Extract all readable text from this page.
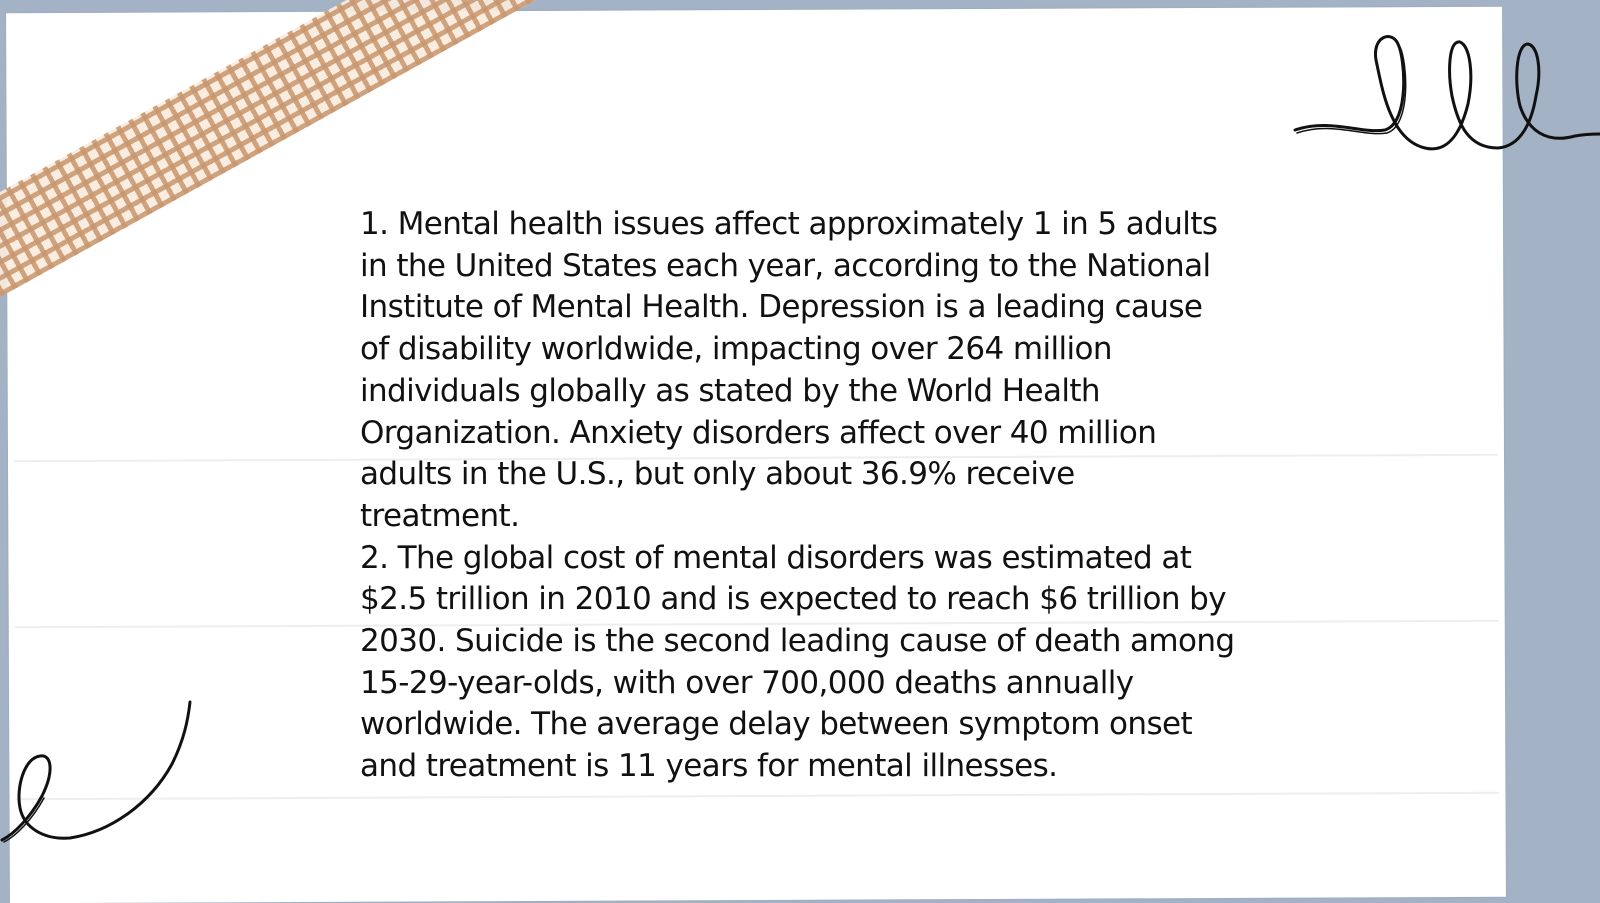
1. Mental health issues affect approximately 1 in 5 adults in the United States each year, according to the National Institute of Mental Health. Depression is a leading cause of disability worldwide, impacting over 264 million individuals globally as stated by the World Health Organization. Anxiety disorders affect over 40 million adults in the U.S., but only about 36.9% receive treatment.

2. The global cost of mental disorders was estimated at $2.5 trillion in 2010 and is expected to reach $6 trillion by 2030. Suicide is the second leading cause of death among 15-29-year-olds, with over 700,000 deaths annually worldwide. The average delay between symptom onset and treatment is 11 years for mental illnesses.
